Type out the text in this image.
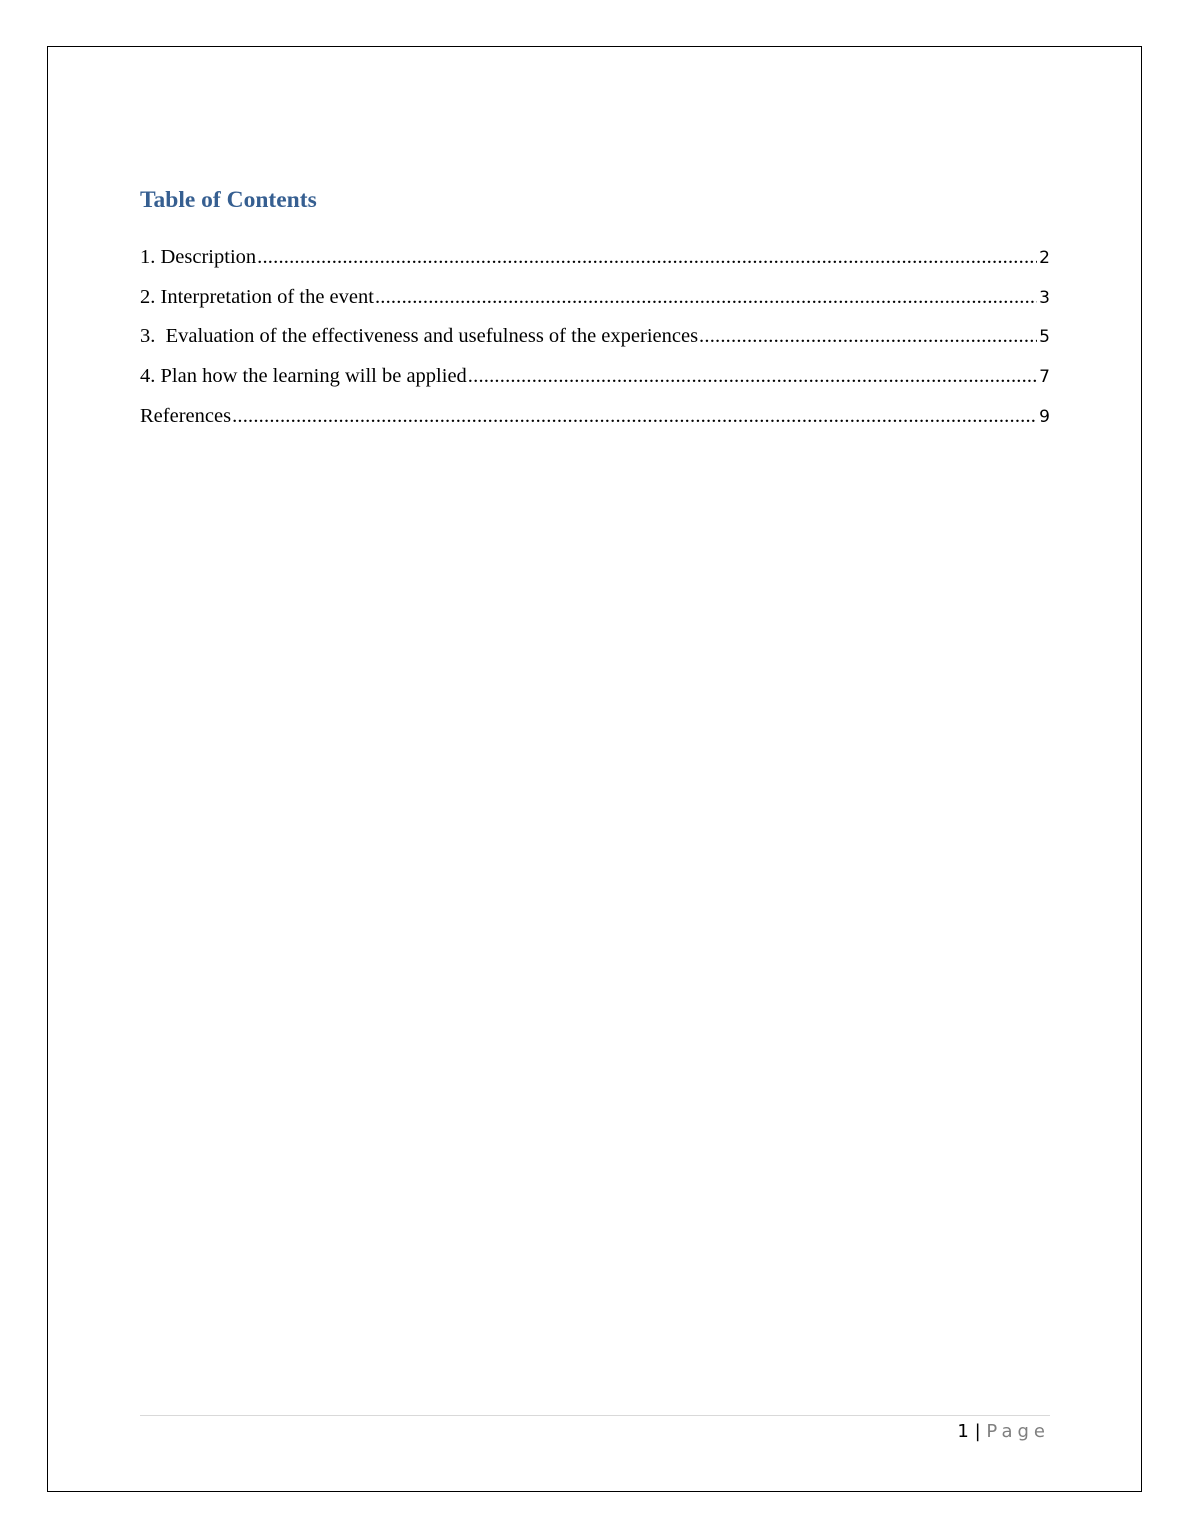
Table of Contents
1. Description .....	2
2. Interpretation of the event .....	3
3.  Evaluation of the effectiveness and usefulness of the experiences .....	5
4. Plan how the learning will be applied .....	7
References .....	9
1 | Page
